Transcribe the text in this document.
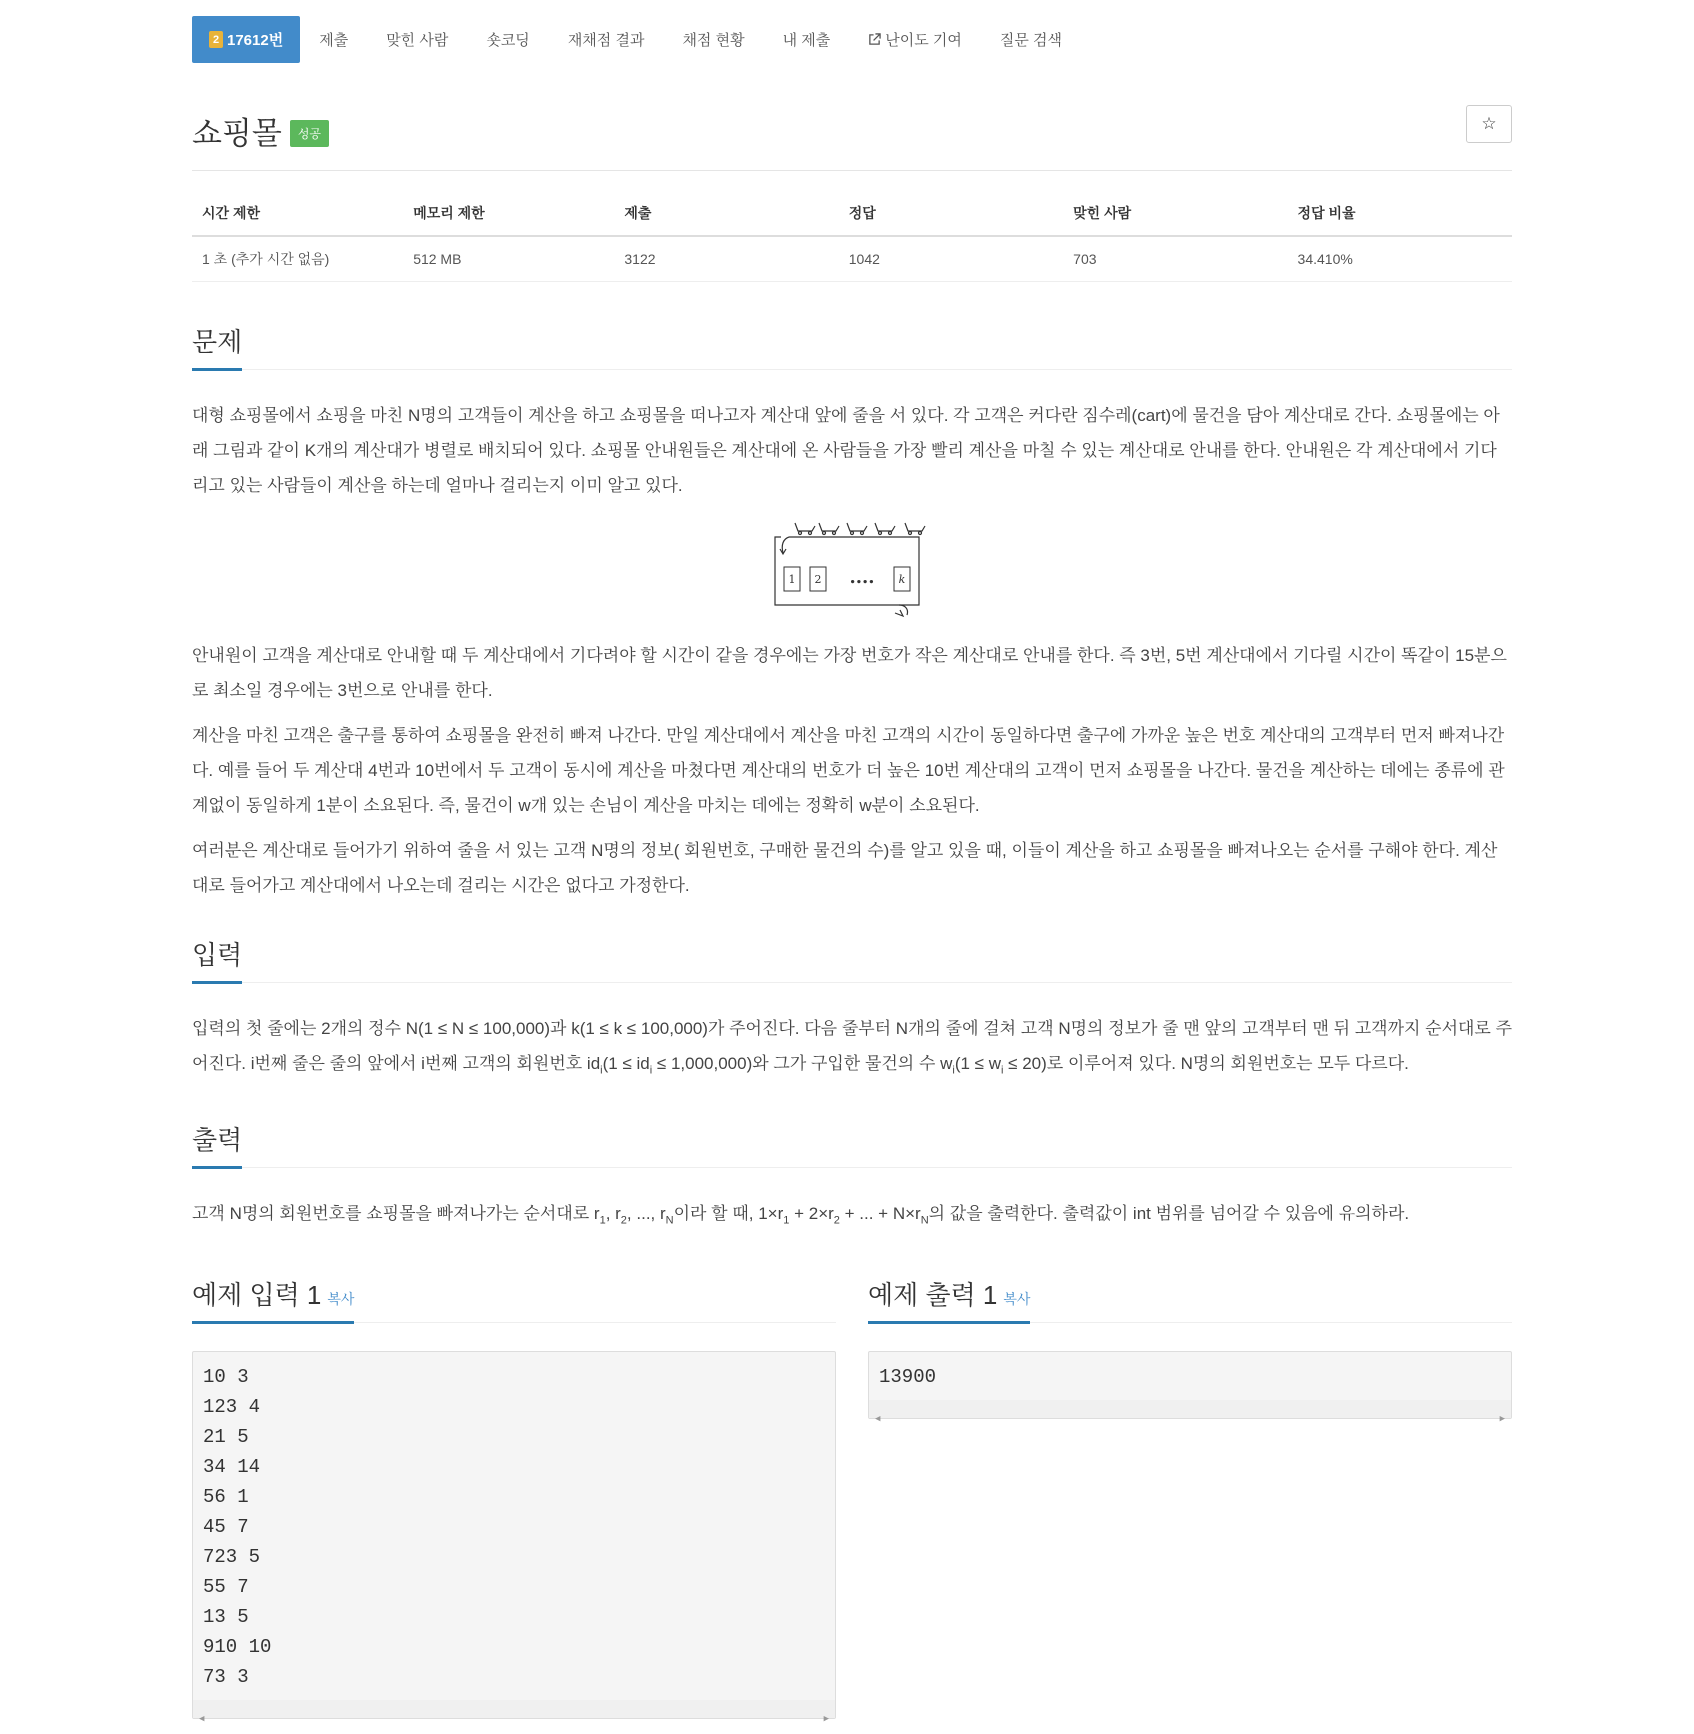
2 17612번	제출	맞힌 사람	숏코딩	재채점 결과	채점 현황	내 제출	난이도 기여	질문 검색
쇼핑몰 성공
☆
시간 제한	메모리 제한	제출	정답	맞힌 사람	정답 비율
1 초 (추가 시간 없음)	512 MB	3122	1042	703	34.410%
문제

대형 쇼핑몰에서 쇼핑을 마친 N명의 고객들이 계산을 하고 쇼핑몰을 떠나고자 계산대 앞에 줄을 서 있다. 각 고객은 커다란 짐수레(cart)에 물건을 담아 계산대로 간다. 쇼핑몰에는 아래 그림과 같이 K개의 계산대가 병렬로 배치되어 있다. 쇼핑몰 안내원들은 계산대에 온 사람들을 가장 빨리 계산을 마칠 수 있는 계산대로 안내를 한다. 안내원은 각 계산대에서 기다리고 있는 사람들이 계산을 하는데 얼마나 걸리는지 이미 알고 있다.

1 2	k
....

안내원이 고객을 계산대로 안내할 때 두 계산대에서 기다려야 할 시간이 같을 경우에는 가장 번호가 작은 계산대로 안내를 한다. 즉 3번, 5번 계산대에서 기다릴 시간이 똑같이 15분으로 최소일 경우에는 3번으로 안내를 한다.

계산을 마친 고객은 출구를 통하여 쇼핑몰을 완전히 빠져 나간다. 만일 계산대에서 계산을 마친 고객의 시간이 동일하다면 출구에 가까운 높은 번호 계산대의 고객부터 먼저 빠져나간다. 예를 들어 두 계산대 4번과 10번에서 두 고객이 동시에 계산을 마쳤다면 계산대의 번호가 더 높은 10번 계산대의 고객이 먼저 쇼핑몰을 나간다. 물건을 계산하는 데에는 종류에 관계없이 동일하게 1분이 소요된다. 즉, 물건이 w개 있는 손님이 계산을 마치는 데에는 정확히 w분이 소요된다.

여러분은 계산대로 들어가기 위하여 줄을 서 있는 고객 N명의 정보( 회원번호, 구매한 물건의 수)를 알고 있을 때, 이들이 계산을 하고 쇼핑몰을 빠져나오는 순서를 구해야 한다. 계산대로 들어가고 계산대에서 나오는데 걸리는 시간은 없다고 가정한다.

입력

입력의 첫 줄에는 2개의 정수 N(1 ≤ N ≤ 100,000)과 k(1 ≤ k ≤ 100,000)가 주어진다. 다음 줄부터 N개의 줄에 걸쳐 고객 N명의 정보가 줄 맨 앞의 고객부터 맨 뒤 고객까지 순서대로 주어진다. i번째 줄은 줄의 앞에서 i번째 고객의 회원번호 $id_i(1 \le id_i \le 1,000,000)$와 그가 구입한 물건의 수 $w_i(1 \le w_i \le 20)$로 이루어져 있다. N명의 회원번호는 모두 다르다.

출력

고객 N명의 회원번호를 쇼핑몰을 빠져나가는 순서대로 $r_1$, $r_2$, ..., $r_N$이라 할 때, $1\times r_1 + 2\times r_2$ + ... + $N\times r_N$의 값을 출력한다. 출력값이 int 범위를 넘어갈 수 있음에 유의하라.

예제 입력 1 복사
10 3
123 4
21 5
34 14
56 1
45 7
723 5
55 7
13 5
910 10
73 3
◀	▶
예제 출력 1 복사
13900
◀	▶
